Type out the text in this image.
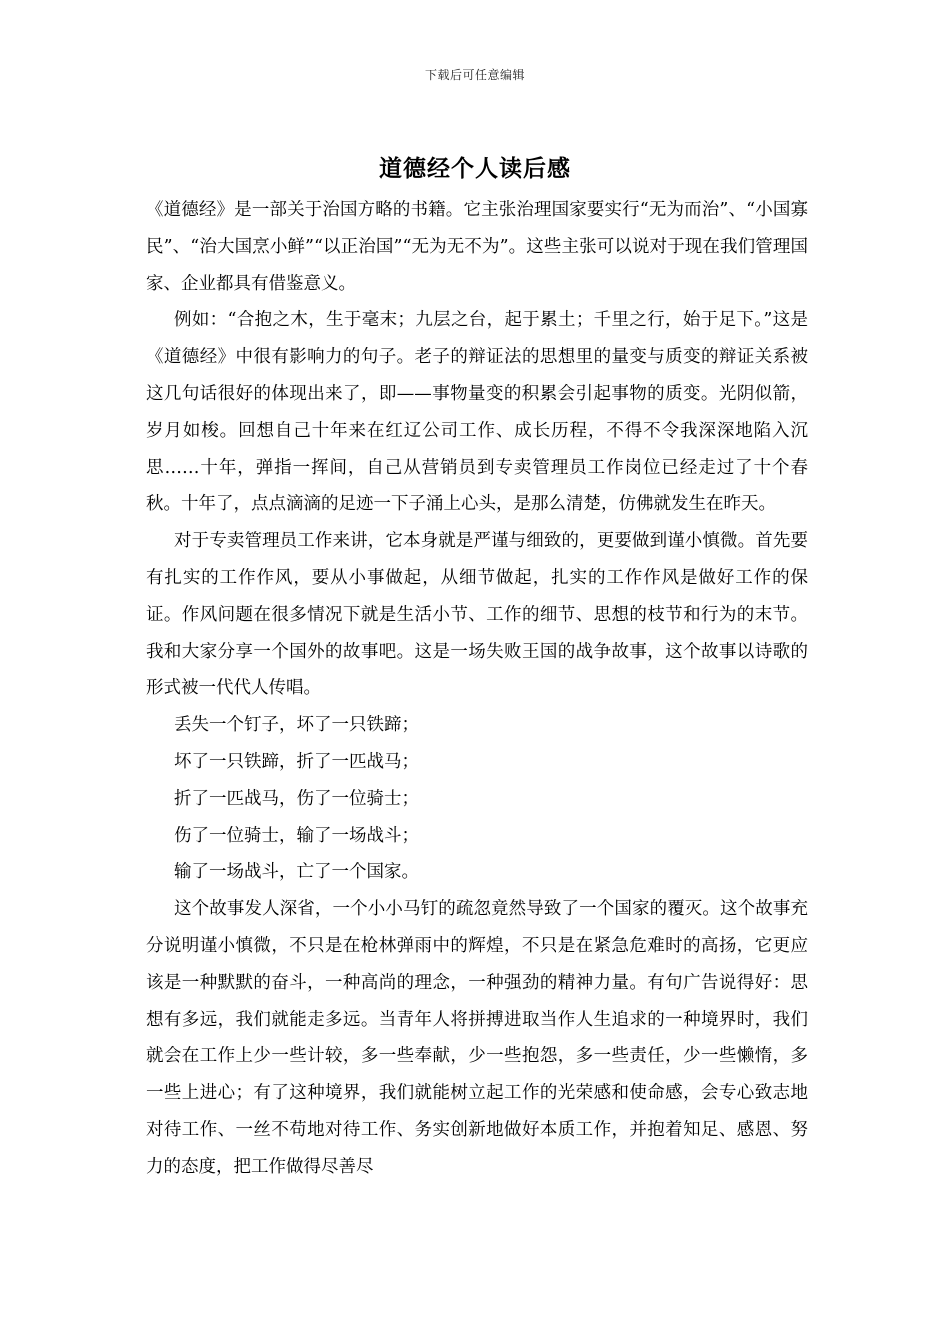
下载后可任意编辑
道德经个人读后感

《道德经》是一部关于治国方略的书籍。它主张治理国家要实行“无为而治”、“小国寡民”、“治大国烹小鲜”“以正治国”“无为无不为”。这些主张可以说对于现在我们管理国家、企业都具有借鉴意义。

例如：“合抱之木，生于毫末；九层之台，起于累土；千里之行，始于足下。”这是《道德经》中很有影响力的句子。老子的辩证法的思想里的量变与质变的辩证关系被这几句话很好的体现出来了，即——事物量变的积累会引起事物的质变。光阴似箭，岁月如梭。回想自己十年来在红辽公司工作、成长历程，不得不令我深深地陷入沉思……十年，弹指一挥间，自己从营销员到专卖管理员工作岗位已经走过了十个春秋。十年了，点点滴滴的足迹一下子涌上心头，是那么清楚，仿佛就发生在昨天。

对于专卖管理员工作来讲，它本身就是严谨与细致的，更要做到谨小慎微。首先要有扎实的工作作风，要从小事做起，从细节做起，扎实的工作作风是做好工作的保证。作风问题在很多情况下就是生活小节、工作的细节、思想的枝节和行为的末节。我和大家分享一个国外的故事吧。这是一场失败王国的战争故事，这个故事以诗歌的形式被一代代人传唱。

丢失一个钉子，坏了一只铁蹄；

坏了一只铁蹄，折了一匹战马；

折了一匹战马，伤了一位骑士；

伤了一位骑士，输了一场战斗；

输了一场战斗，亡了一个国家。

这个故事发人深省，一个小小马钉的疏忽竟然导致了一个国家的覆灭。这个故事充分说明谨小慎微，不只是在枪林弹雨中的辉煌，不只是在紧急危难时的高扬，它更应该是一种默默的奋斗，一种高尚的理念，一种强劲的精神力量。有句广告说得好：思想有多远，我们就能走多远。当青年人将拼搏进取当作人生追求的一种境界时，我们就会在工作上少一些计较，多一些奉献，少一些抱怨，多一些责任，少一些懒惰，多一些上进心；有了这种境界，我们就能树立起工作的光荣感和使命感，会专心致志地对待工作、一丝不苟地对待工作、务实创新地做好本质工作，并抱着知足、感恩、努力的态度，把工作做得尽善尽
